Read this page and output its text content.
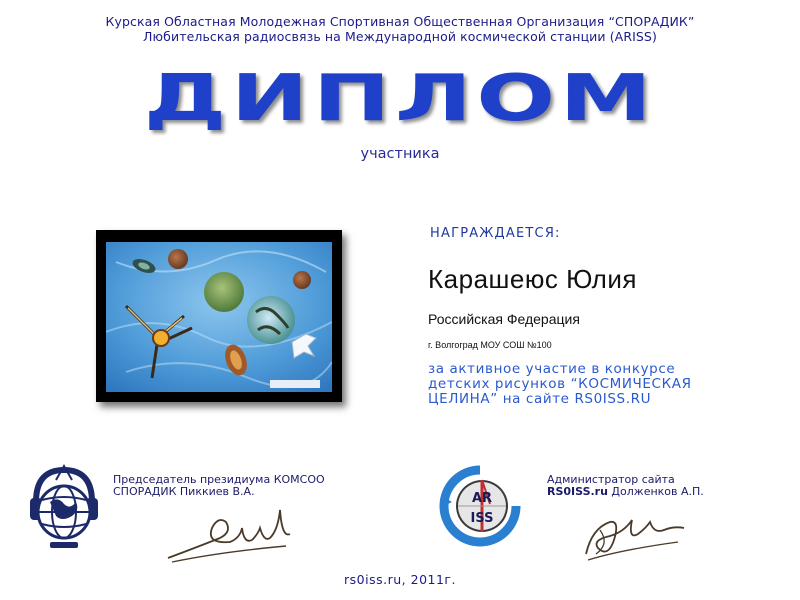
Курская Областная Молодежная Спортивная Общественная Организация “СПОРАДИК”
Любительская радиосвязь на Международной космической станции (ARISS)
ДИПЛОМ
участника
НАГРАЖДАЕТСЯ:
Карашеюс Юлия
Российская Федерация
г. Волгоград МОУ СОШ №100
за активное участие в конкурсе
детских рисунков “КОСМИЧЕСКАЯ
ЦЕЛИНА” на сайте RS0ISS.RU
Председатель президиума КОМСОО
СПОРАДИК Пиккиев В.А.	AR
ISS
Администратор сайта
RS0ISS.ru Долженков А.П.
rs0iss.ru, 2011г.
